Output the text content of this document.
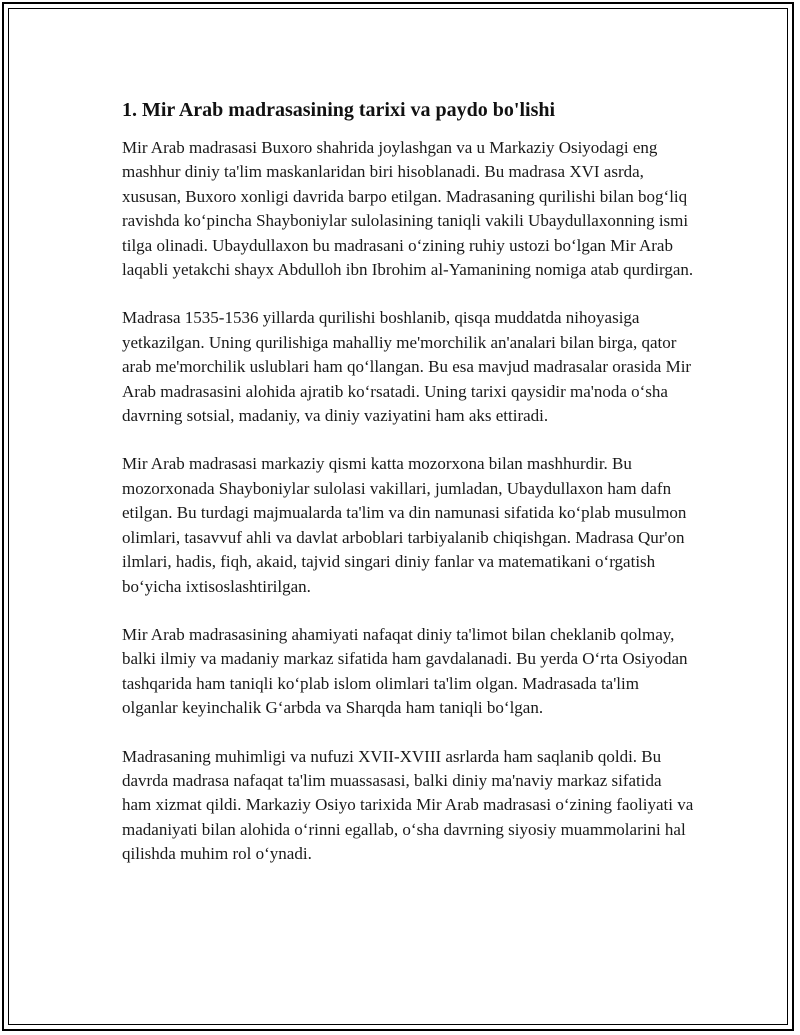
1. Mir Arab madrasasining tarixi va paydo bo'lishi

Mir Arab madrasasi Buxoro shahrida joylashgan va u Markaziy Osiyodagi eng mashhur diniy ta'lim maskanlaridan biri hisoblanadi. Bu madrasa XVI asrda, xususan, Buxoro xonligi davrida barpo etilgan. Madrasaning qurilishi bilan bog‘liq ravishda ko‘pincha Shayboniylar sulolasining taniqli vakili Ubaydullaxonning ismi tilga olinadi. Ubaydullaxon bu madrasani o‘zining ruhiy ustozi bo‘lgan Mir Arab laqabli yetakchi shayx Abdulloh ibn Ibrohim al-Yamanining nomiga atab qurdirgan.

Madrasa 1535-1536 yillarda qurilishi boshlanib, qisqa muddatda nihoyasiga yetkazilgan. Uning qurilishiga mahalliy me'morchilik an'analari bilan birga, qator arab me'morchilik uslublari ham qo‘llangan. Bu esa mavjud madrasalar orasida Mir Arab madrasasini alohida ajratib ko‘rsatadi. Uning tarixi qaysidir ma'noda o‘sha davrning sotsial, madaniy, va diniy vaziyatini ham aks ettiradi.

Mir Arab madrasasi markaziy qismi katta mozorxona bilan mashhurdir. Bu mozorxonada Shayboniylar sulolasi vakillari, jumladan, Ubaydullaxon ham dafn etilgan. Bu turdagi majmualarda ta'lim va din namunasi sifatida ko‘plab musulmon olimlari, tasavvuf ahli va davlat arboblari tarbiyalanib chiqishgan. Madrasa Qur'on ilmlari, hadis, fiqh, akaid, tajvid singari diniy fanlar va matematikani o‘rgatish bo‘yicha ixtisoslashtirilgan.

Mir Arab madrasasining ahamiyati nafaqat diniy ta'limot bilan cheklanib qolmay, balki ilmiy va madaniy markaz sifatida ham gavdalanadi. Bu yerda O‘rta Osiyodan tashqarida ham taniqli ko‘plab islom olimlari ta'lim olgan. Madrasada ta'lim olganlar keyinchalik G‘arbda va Sharqda ham taniqli bo‘lgan.

Madrasaning muhimligi va nufuzi XVII-XVIII asrlarda ham saqlanib qoldi. Bu davrda madrasa nafaqat ta'lim muassasasi, balki diniy ma'naviy markaz sifatida ham xizmat qildi. Markaziy Osiyo tarixida Mir Arab madrasasi o‘zining faoliyati va madaniyati bilan alohida o‘rinni egallab, o‘sha davrning siyosiy muammolarini hal qilishda muhim rol o‘ynadi.
